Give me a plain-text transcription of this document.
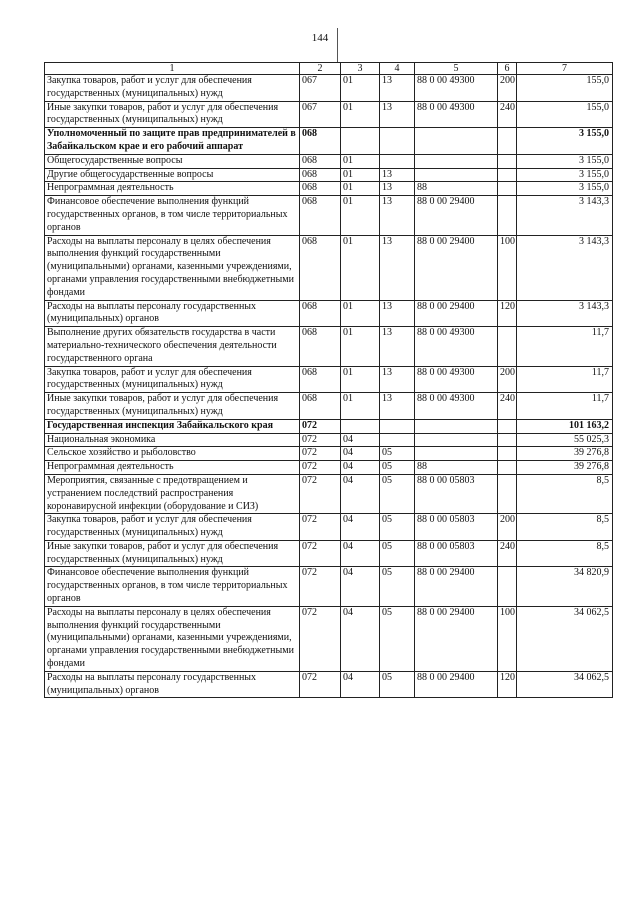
144
1	2	3	4	5	6	7
Закупка товаров, работ и услуг для обеспечения государственных (муниципальных) нужд	067	01	13	88 0 00 49300	200	155,0
Иные закупки товаров, работ и услуг для обеспечения государственных (муниципальных) нужд	067	01	13	88 0 00 49300	240	155,0
Уполномоченный по защите прав предпринимателей в Забайкальском крае и его рабочий аппарат	068					3 155,0
Общегосударственные вопросы	068	01				3 155,0
Другие общегосударственные вопросы	068	01	13			3 155,0
Непрограммная деятельность	068	01	13	88		3 155,0
Финансовое обеспечение выполнения функций государственных органов, в том числе территориальных органов	068	01	13	88 0 00 29400		3 143,3
Расходы на выплаты персоналу в целях обеспечения выполнения функций государственными (муниципальными) органами, казенными учреждениями, органами управления государственными внебюджетными фондами	068	01	13	88 0 00 29400	100	3 143,3
Расходы на выплаты персоналу государственных (муниципальных) органов	068	01	13	88 0 00 29400	120	3 143,3
Выполнение других обязательств государства в части материально-технического обеспечения деятельности государственного органа	068	01	13	88 0 00 49300		11,7
Закупка товаров, работ и услуг для обеспечения государственных (муниципальных) нужд	068	01	13	88 0 00 49300	200	11,7
Иные закупки товаров, работ и услуг для обеспечения государственных (муниципальных) нужд	068	01	13	88 0 00 49300	240	11,7
Государственная инспекция Забайкальского края	072					101 163,2
Национальная экономика	072	04				55 025,3
Сельское хозяйство и рыболовство	072	04	05			39 276,8
Непрограммная деятельность	072	04	05	88		39 276,8
Мероприятия, связанные с предотвращением и устранением последствий распространения коронавирусной инфекции (оборудование и СИЗ)	072	04	05	88 0 00 05803		8,5
Закупка товаров, работ и услуг для обеспечения государственных (муниципальных) нужд	072	04	05	88 0 00 05803	200	8,5
Иные закупки товаров, работ и услуг для обеспечения государственных (муниципальных) нужд	072	04	05	88 0 00 05803	240	8,5
Финансовое обеспечение выполнения функций государственных органов, в том числе территориальных органов	072	04	05	88 0 00 29400		34 820,9
Расходы на выплаты персоналу в целях обеспечения выполнения функций государственными (муниципальными) органами, казенными учреждениями, органами управления государственными внебюджетными фондами	072	04	05	88 0 00 29400	100	34 062,5
Расходы на выплаты персоналу государственных (муниципальных) органов	072	04	05	88 0 00 29400	120	34 062,5
